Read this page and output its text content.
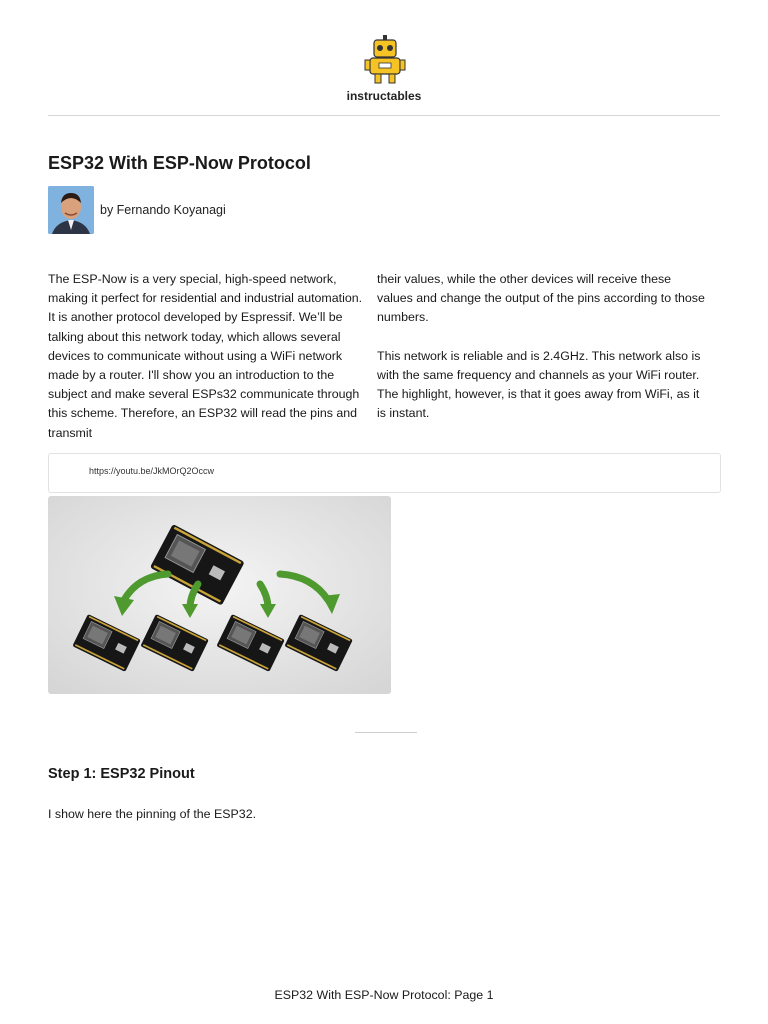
instructables
ESP32 With ESP-Now Protocol
by Fernando Koyanagi

The ESP-Now is a very special, high-speed network, making it perfect for residential and industrial automation. It is another protocol developed by Espressif. We’ll be talking about this network today, which allows several devices to communicate without using a WiFi network made by a router. I'll show you an introduction to the subject and make several ESPs32 communicate through this scheme. Therefore, an ESP32 will read the pins and transmit

their values, while the other devices will receive these values and change the output of the pins according to those numbers.

This network is reliable and is 2.4GHz. This network also is with the same frequency and channels as your WiFi router. The highlight, however, is that it goes away from WiFi, as it is instant.

https://youtu.be/JkMOrQ2Occw
Step 1: ESP32 Pinout
I show here the pinning of the ESP32.
ESP32 With ESP-Now Protocol: Page 1
